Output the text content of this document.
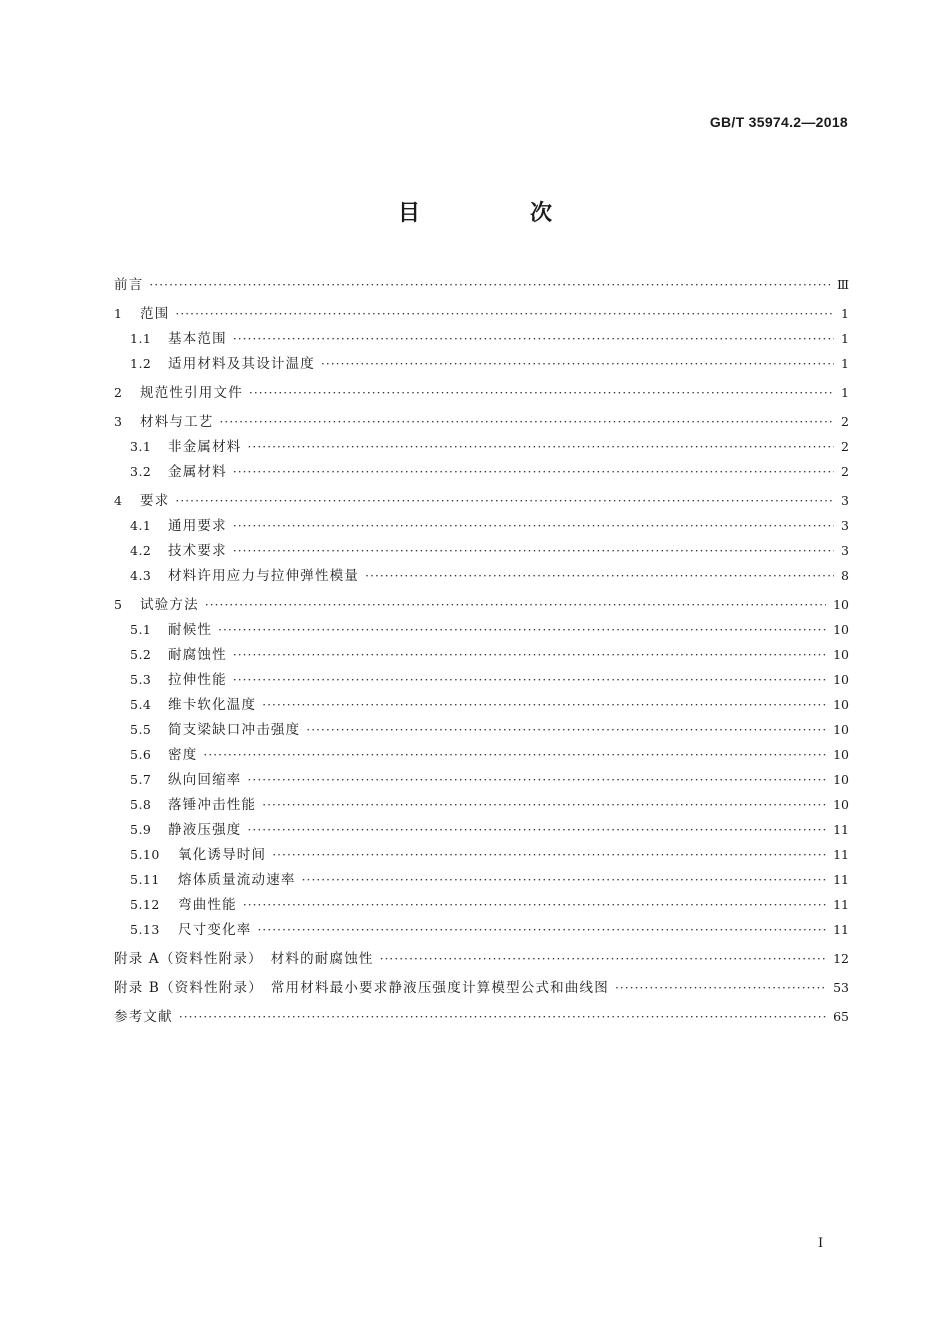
GB/T 35974.2—2018
目　次
前言 ·····	Ⅲ
1	范围 ·····	1
1.1	基本范围 ·····	1
1.2	适用材料及其设计温度 ·····	1
2	规范性引用文件 ·····	1
3	材料与工艺 ·····	2
3.1	非金属材料 ·····	2
3.2	金属材料 ·····	2
4	要求 ·····	3
4.1	通用要求 ·····	3
4.2	技术要求 ·····	3
4.3	材料许用应力与拉伸弹性模量 ·····	8
5	试验方法 ·····	10
5.1	耐候性 ·····	10
5.2	耐腐蚀性 ·····	10
5.3	拉伸性能 ·····	10
5.4	维卡软化温度 ·····	10
5.5	简支梁缺口冲击强度 ·····	10
5.6	密度 ·····	10
5.7	纵向回缩率 ·····	10
5.8	落锤冲击性能 ·····	10
5.9	静液压强度 ·····	11
5.10	氧化诱导时间 ·····	11
5.11	熔体质量流动速率 ·····	11
5.12	弯曲性能 ·····	11
5.13	尺寸变化率 ·····	11
附录 A（资料性附录）　材料的耐腐蚀性 ·····	12
附录 B（资料性附录）　常用材料最小要求静液压强度计算模型公式和曲线图 ·····	53
参考文献 ·····	65
I
